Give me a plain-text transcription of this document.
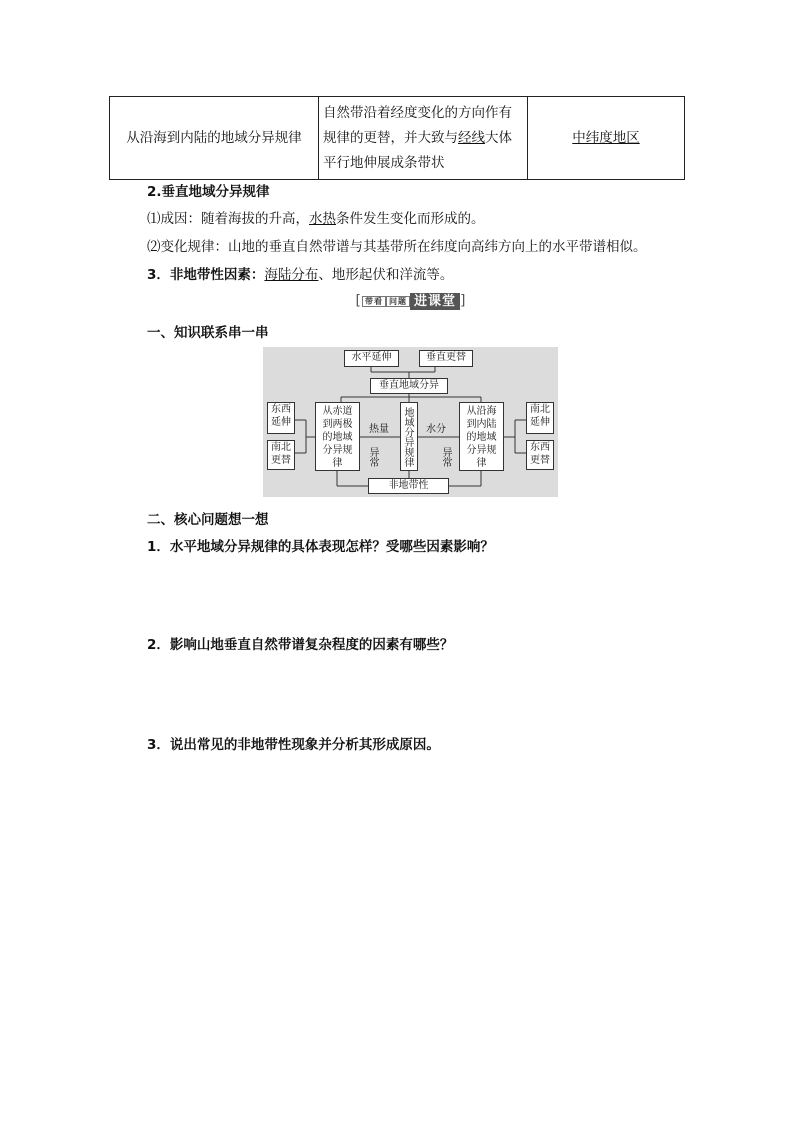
从沿海到内陆的地域分异规律	自然带沿着经度变化的方向作有规律的更替，并大致与经线大体平行地伸展成条带状	中纬度地区
2.垂直地域分异规律
⑴成因：随着海拔的升高，水热条件发生变化而形成的。
⑵变化规律：山地的垂直自然带谱与其基带所在纬度向高纬方向上的水平带谱相似。
3．非地带性因素：海陆分布、地形起伏和洋流等。
[ 带看 问题 进课堂 ]
一、知识联系串一串
水平延伸	垂直更替
垂直地域分异
东西延伸
南北更替
从赤道到两极的地域分异规律	地域分异规律	从沿海到内陆的地域分异规律
南北延伸
东西更替
热量	水分
异常	异常
非地带性
二、核心问题想一想
1．水平地域分异规律的具体表现怎样？受哪些因素影响？
2．影响山地垂直自然带谱复杂程度的因素有哪些？
3．说出常见的非地带性现象并分析其形成原因。
